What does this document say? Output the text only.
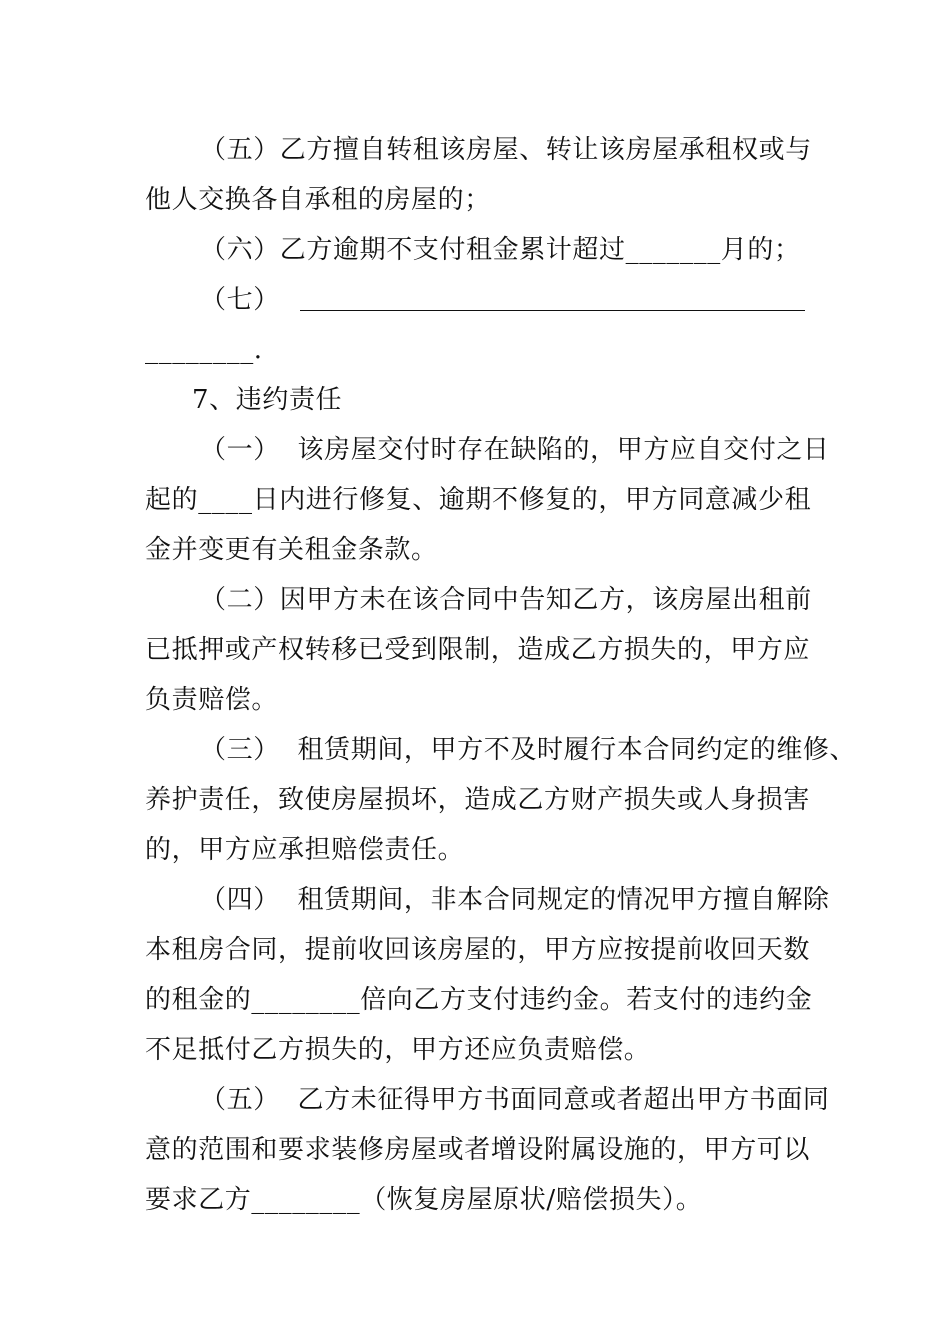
（五）乙方擅自转租该房屋、转让该房屋承租权或与
他人交换各自承租的房屋的；
（六）乙方逾期不支付租金累计超过_______月的；
（七）
________.
7、违约责任
（一）  该房屋交付时存在缺陷的，甲方应自交付之日
起的____日内进行修复、逾期不修复的，甲方同意减少租
金并变更有关租金条款。
（二）因甲方未在该合同中告知乙方，该房屋出租前
已抵押或产权转移已受到限制，造成乙方损失的，甲方应
负责赔偿。
（三）  租赁期间，甲方不及时履行本合同约定的维修、
养护责任，致使房屋损坏，造成乙方财产损失或人身损害
的，甲方应承担赔偿责任。
（四）  租赁期间，非本合同规定的情况甲方擅自解除
本租房合同，提前收回该房屋的，甲方应按提前收回天数
的租金的________倍向乙方支付违约金。若支付的违约金
不足抵付乙方损失的，甲方还应负责赔偿。
（五）  乙方未征得甲方书面同意或者超出甲方书面同
意的范围和要求装修房屋或者增设附属设施的，甲方可以
要求乙方________（恢复房屋原状/赔偿损失）。
